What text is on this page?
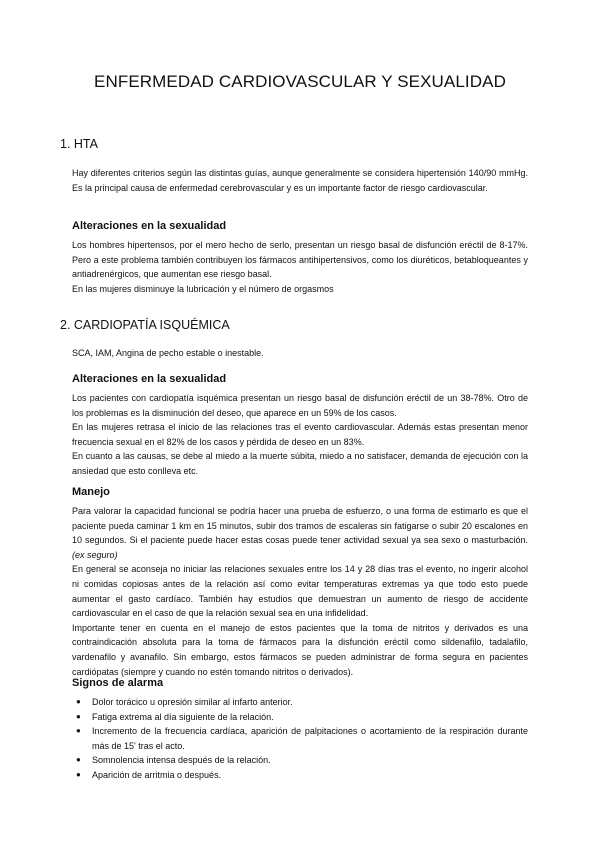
ENFERMEDAD CARDIOVASCULAR Y SEXUALIDAD
1. HTA

Hay diferentes criterios según las distintas guías, aunque generalmente se considera hipertensión 140/90 mmHg. Es la principal causa de enfermedad cerebrovascular y es un importante factor de riesgo cardiovascular.

Alteraciones en la sexualidad

Los hombres hipertensos, por el mero hecho de serlo, presentan un riesgo basal de disfunción eréctil de 8-17%. Pero a este problema también contribuyen los fármacos antihipertensivos, como los diuréticos, betabloqueantes y antiadrenérgicos, que aumentan ese riesgo basal.

En las mujeres disminuye la lubricación y el número de orgasmos

2. CARDIOPATÍA ISQUÉMICA

SCA, IAM, Angina de pecho estable o inestable.

Alteraciones en la sexualidad

Los pacientes con cardiopatía isquémica presentan un riesgo basal de disfunción eréctil de un 38-78%. Otro de los problemas es la disminución del deseo, que aparece en un 59% de los casos.

En las mujeres retrasa el inicio de las relaciones tras el evento cardiovascular. Además estas presentan menor frecuencia sexual en el 82% de los casos y pérdida de deseo en un 83%.

En cuanto a las causas, se debe al miedo a la muerte súbita, miedo a no satisfacer, demanda de ejecución con la ansiedad que esto conlleva etc.

Manejo

Para valorar la capacidad funcional se podría hacer una prueba de esfuerzo, o una forma de estimarlo es que el paciente pueda caminar 1 km en 15 minutos, subir dos tramos de escaleras sin fatigarse o subir 20 escalones en 10 segundos. Si el paciente puede hacer estas cosas puede tener actividad sexual ya sea sexo o masturbación. (ex seguro)

En general se aconseja no iniciar las relaciones sexuales entre los 14 y 28 días tras el evento, no ingerir alcohol ni comidas copiosas antes de la relación así como evitar temperaturas extremas ya que todo esto puede aumentar el gasto cardíaco. También hay estudios que demuestran un aumento de riesgo de accidente cardiovascular en el caso de que la relación sexual sea en una infidelidad.

Importante tener en cuenta en el manejo de estos pacientes que la toma de nitritos y derivados es una contraindicación absoluta para la toma de fármacos para la disfunción eréctil como sildenafilo, tadalafilo, vardenafilo y avanafilo. Sin embargo, estos fármacos se pueden administrar de forma segura en pacientes cardiópatas (siempre y cuando no estén tomando nitritos o derivados).

Signos de alarma
● Dolor torácico u opresión similar al infarto anterior.
● Fatiga extrema al día siguiente de la relación.
● Incremento de la frecuencia cardíaca, aparición de palpitaciones o acortamiento de la respiración durante más de 15' tras el acto.
● Somnolencia intensa después de la relación.
● Aparición de arritmia o después.
